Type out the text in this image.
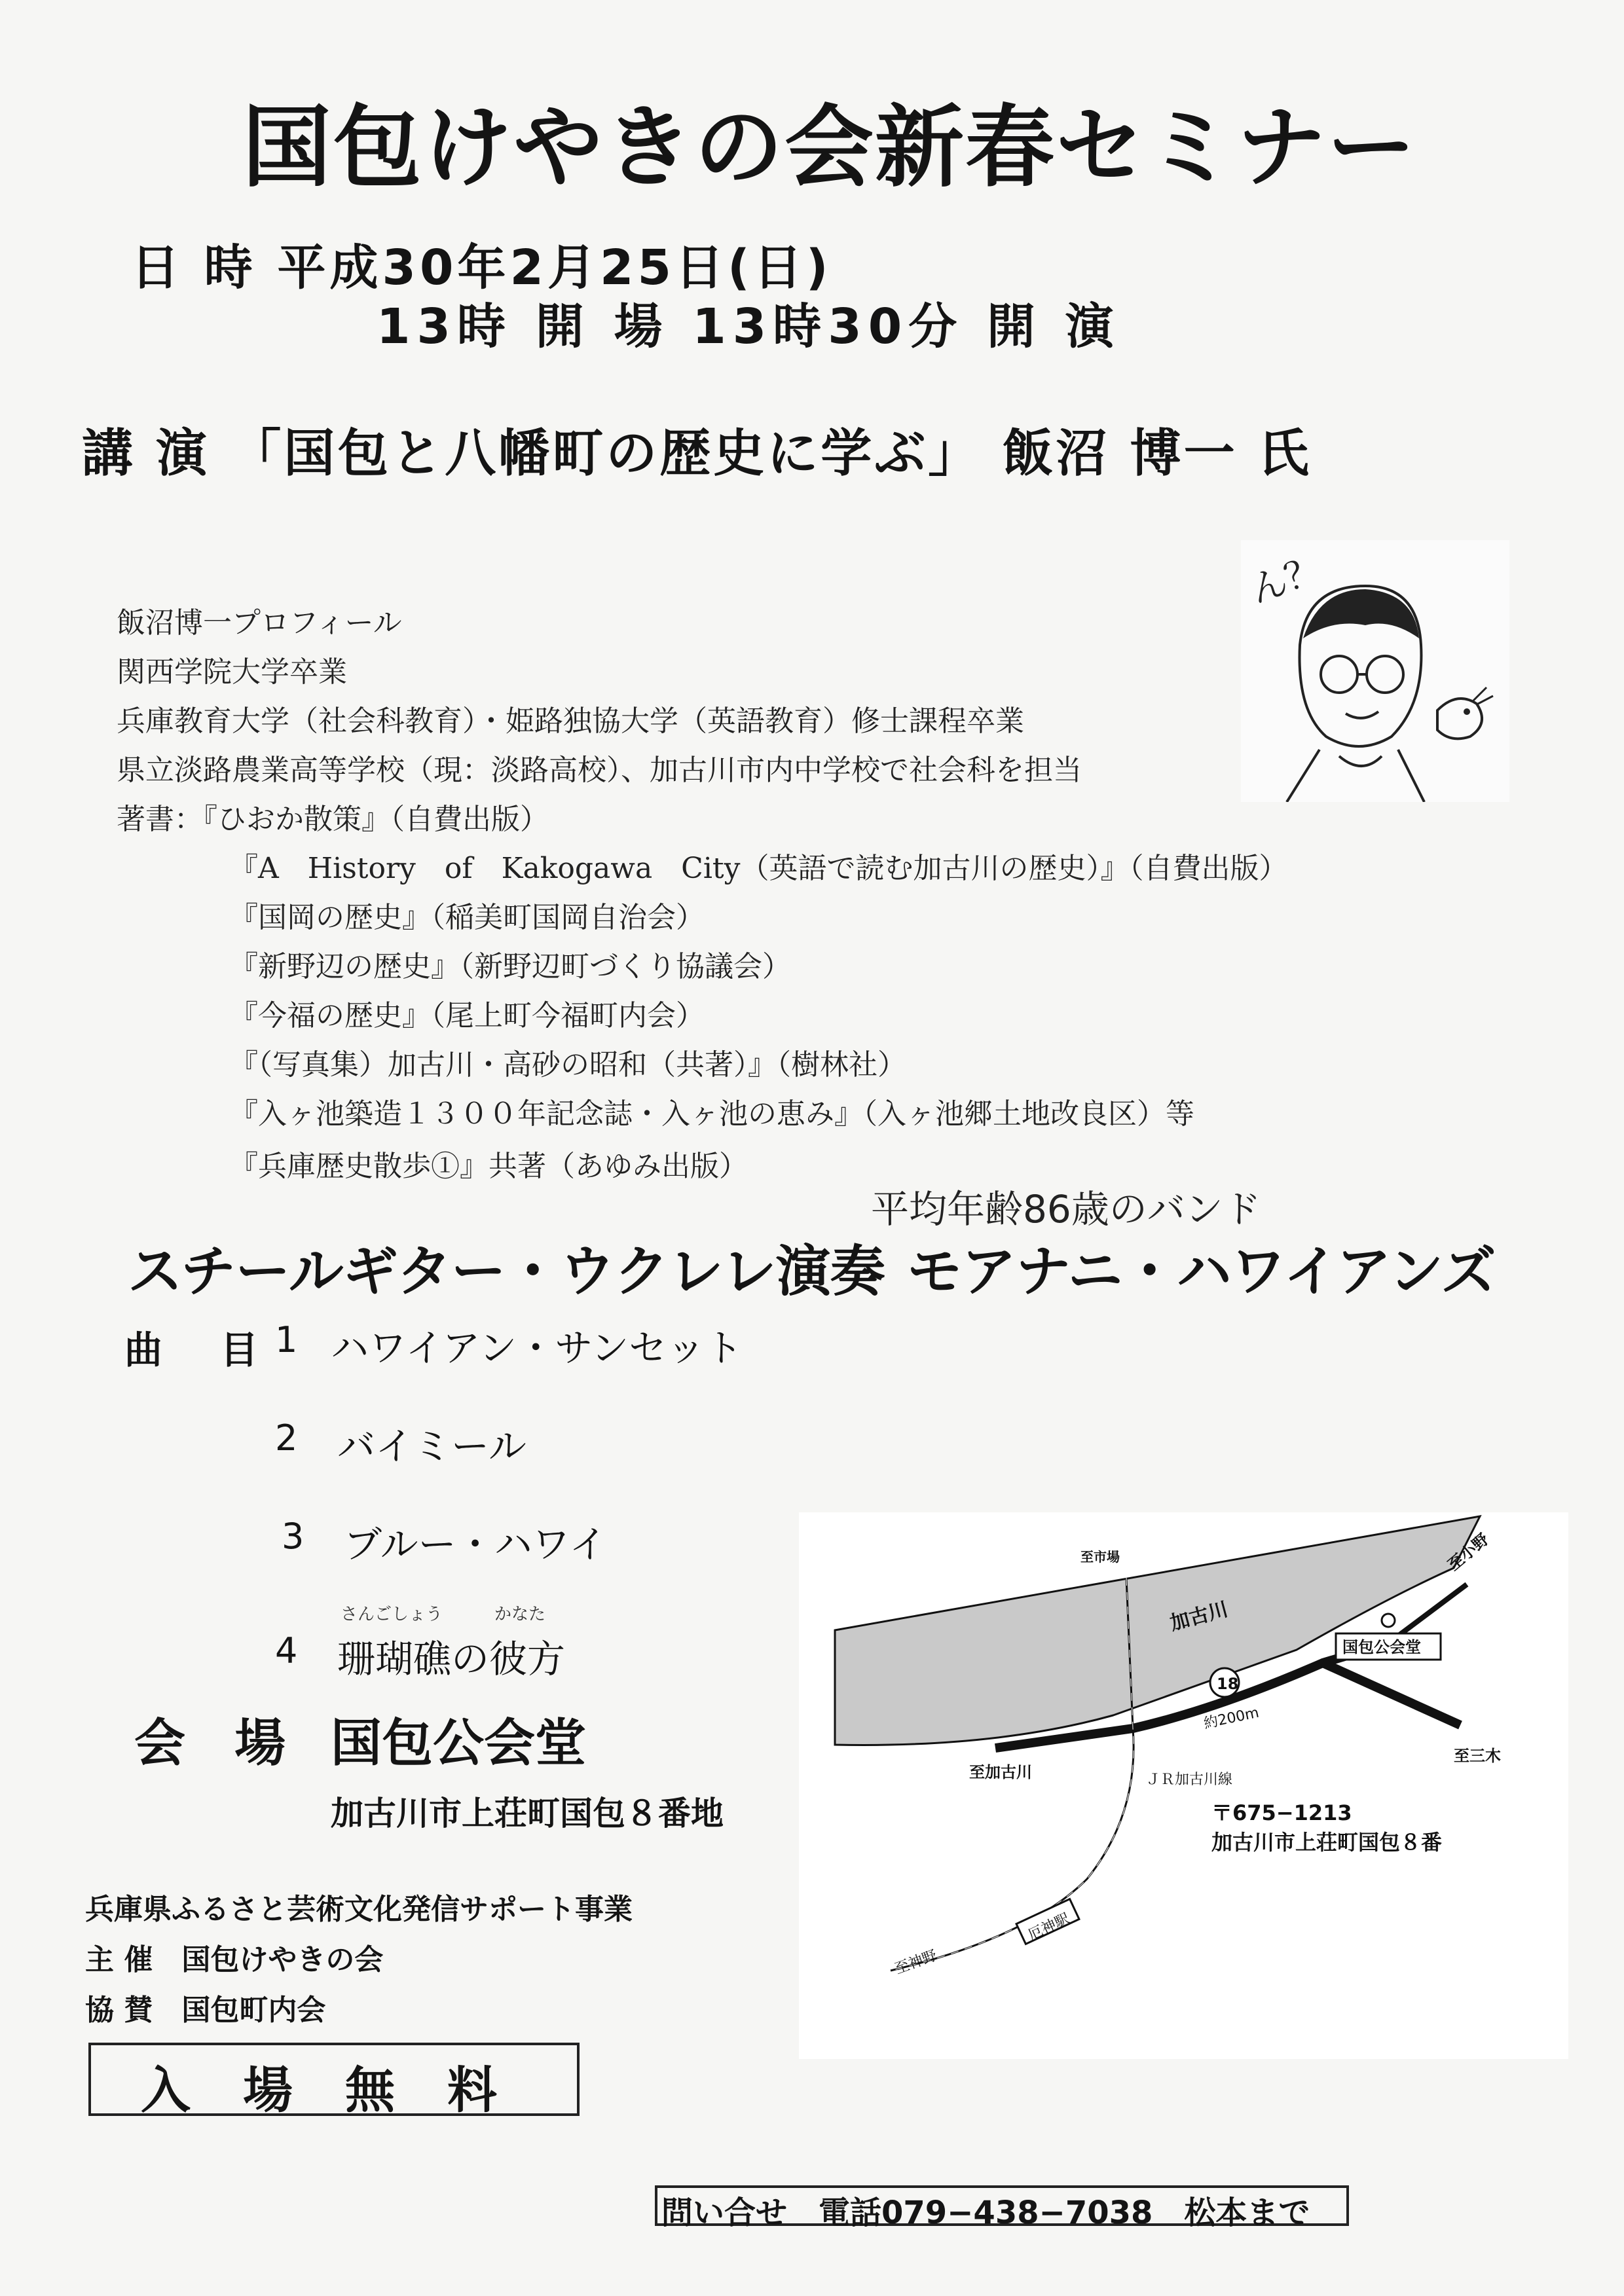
国包けやきの会新春セミナー
日 時 平成30年2月25日(日)
13時 開 場 13時30分 開 演
講 演 「国包と八幡町の歴史に学ぶ」 飯沼 博一 氏
飯沼博一プロフィール
関西学院大学卒業
兵庫教育大学（社会科教育）・姫路独協大学（英語教育）修士課程卒業
県立淡路農業高等学校（現：淡路高校）、加古川市内中学校で社会科を担当
著書：『ひおか散策』（自費出版）
『A　History　of　Kakogawa　City（英語で読む加古川の歴史）』（自費出版）
『国岡の歴史』（稲美町国岡自治会）
『新野辺の歴史』（新野辺町づくり協議会）
『今福の歴史』（尾上町今福町内会）
『（写真集）加古川・高砂の昭和（共著）』（樹林社）
『入ヶ池築造１３００年記念誌・入ヶ池の恵み』（入ヶ池郷土地改良区）等
『兵庫歴史散歩①』共著（あゆみ出版）
ん？
平均年齢86歳のバンド
スチールギター・ウクレレ演奏 モアナニ・ハワイアンズ
曲 目
1 ハワイアン・サンセット
2 バイミール
3 ブルー・ハワイ
さんごしょう	かなた
4 珊瑚礁の彼方
会 場 国包公会堂
加古川市上荘町国包８番地
兵庫県ふるさと芸術文化発信サポート事業
主 催　国包けやきの会
協 賛　国包町内会
入場無料
加古川
18
約200m
国包公会堂
至市場	至小野
至加古川
至三木
ＪＲ加古川線
至神野
厄神駅
〒675−1213
加古川市上荘町国包８番
問い合せ　電話079−438−7038　松本まで
